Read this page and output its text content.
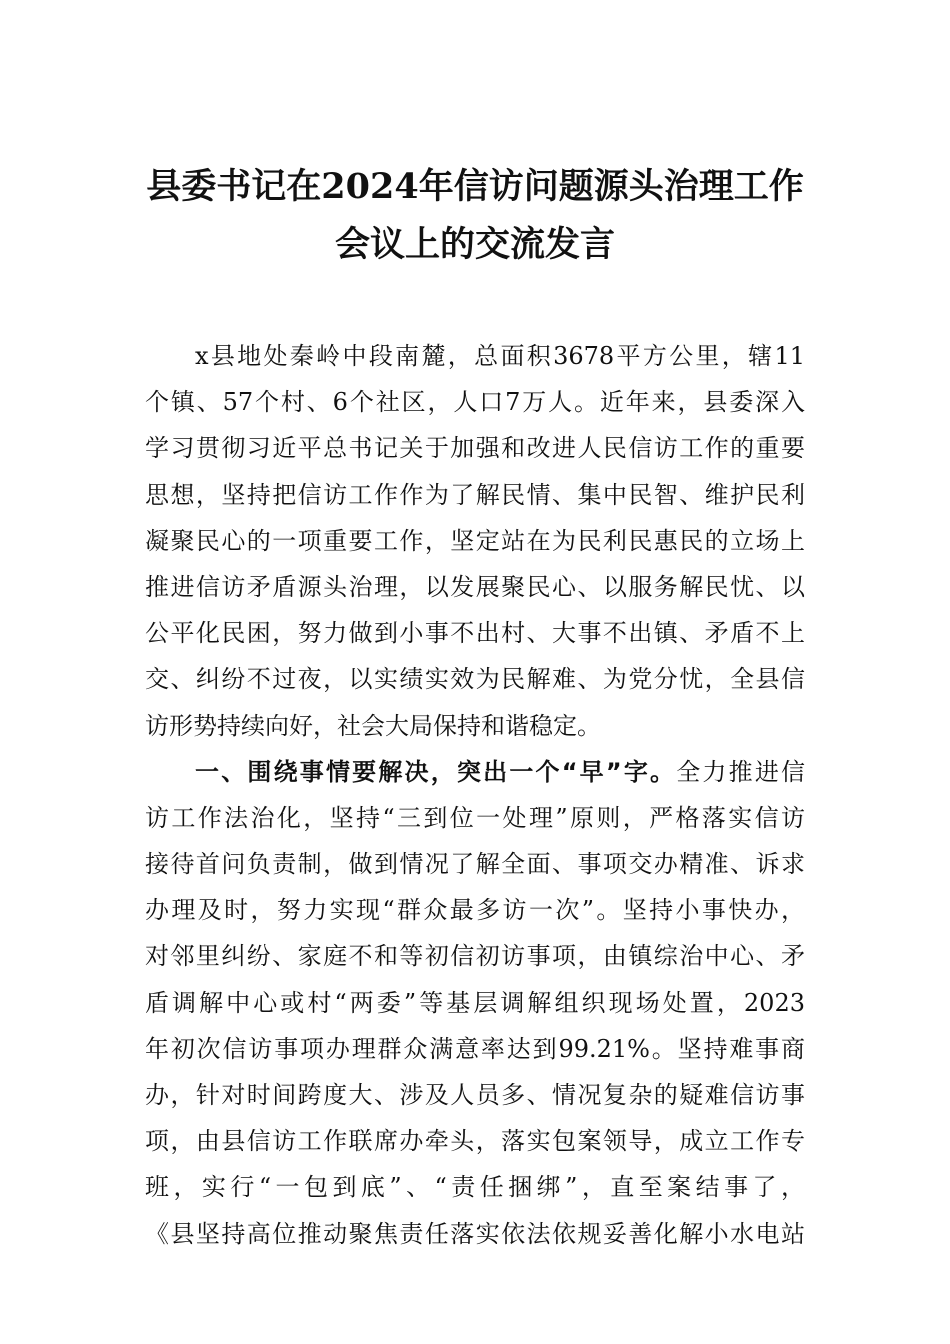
县委书记在2024年信访问题源头治理工作
会议上的交流发言
x县地处秦岭中段南麓，总面积3678平方公里，辖11
个镇、57个村、6个社区，人口7万人。近年来，县委深入
学习贯彻习近平总书记关于加强和改进人民信访工作的重要
思想，坚持把信访工作作为了解民情、集中民智、维护民利
凝聚民心的一项重要工作，坚定站在为民利民惠民的立场上
推进信访矛盾源头治理，以发展聚民心、以服务解民忧、以
公平化民困，努力做到小事不出村、大事不出镇、矛盾不上
交、纠纷不过夜，以实绩实效为民解难、为党分忧，全县信
访形势持续向好，社会大局保持和谐稳定。
一、围绕事情要解决，突出一个“早”字。全力推进信
访工作法治化，坚持“三到位一处理”原则，严格落实信访
接待首问负责制，做到情况了解全面、事项交办精准、诉求
办理及时，努力实现“群众最多访一次”。坚持小事快办，
对邻里纠纷、家庭不和等初信初访事项，由镇综治中心、矛
盾调解中心或村“两委”等基层调解组织现场处置，2023
年初次信访事项办理群众满意率达到99.21%。坚持难事商
办，针对时间跨度大、涉及人员多、情况复杂的疑难信访事
项，由县信访工作联席办牵头，落实包案领导，成立工作专
班，实行“一包到底”、“责任捆绑”，直至案结事了，
《县坚持高位推动聚焦责任落实依法依规妥善化解小水电站
